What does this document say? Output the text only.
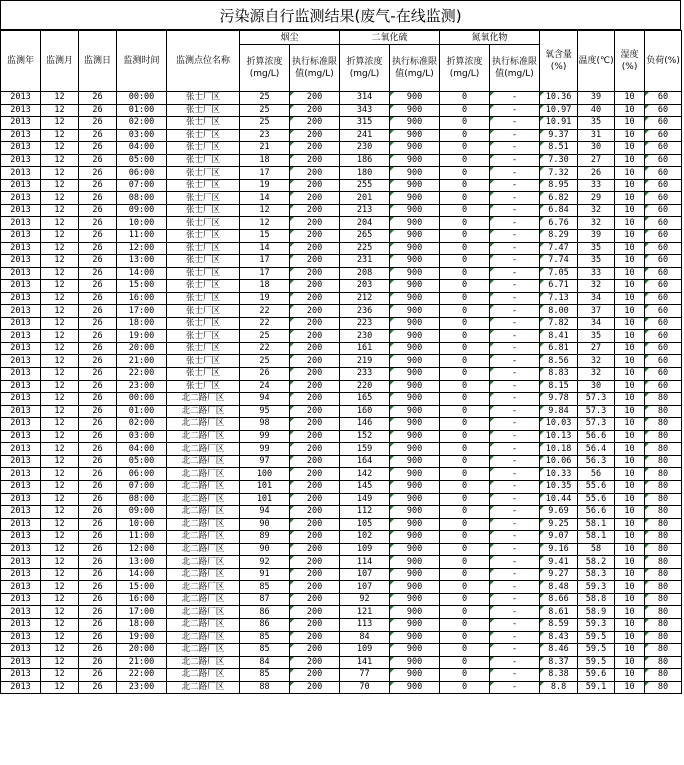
污染源自行监测结果(废气-在线监测)
监测年	监测月	监测日	监测时间	监测点位名称	烟尘		二氧化硫		氮氧化物		氧含量(%)	温度(℃)	湿度(%)	负荷(%)
					折算浓度(mg/L)	执行标准限值(mg/L)	折算浓度(mg/L)	执行标准限值(mg/L)	折算浓度(mg/L)	执行标准限值(mg/L)				
2013	12	26	00:00	张士厂区	25	200	314	900	0	-	10.36	39	10	60
2013	12	26	01:00	张士厂区	25	200	343	900	0	-	10.97	40	10	60
2013	12	26	02:00	张士厂区	25	200	315	900	0	-	10.91	35	10	60
2013	12	26	03:00	张士厂区	23	200	241	900	0	-	9.37	31	10	60
2013	12	26	04:00	张士厂区	21	200	230	900	0	-	8.51	30	10	60
2013	12	26	05:00	张士厂区	18	200	186	900	0	-	7.30	27	10	60
2013	12	26	06:00	张士厂区	17	200	180	900	0	-	7.32	26	10	60
2013	12	26	07:00	张士厂区	19	200	255	900	0	-	8.95	33	10	60
2013	12	26	08:00	张士厂区	14	200	201	900	0	-	6.82	29	10	60
2013	12	26	09:00	张士厂区	12	200	213	900	0	-	6.84	32	10	60
2013	12	26	10:00	张士厂区	12	200	204	900	0	-	6.76	32	10	60
2013	12	26	11:00	张士厂区	15	200	265	900	0	-	8.29	39	10	60
2013	12	26	12:00	张士厂区	14	200	225	900	0	-	7.47	35	10	60
2013	12	26	13:00	张士厂区	17	200	231	900	0	-	7.74	35	10	60
2013	12	26	14:00	张士厂区	17	200	208	900	0	-	7.05	33	10	60
2013	12	26	15:00	张士厂区	18	200	203	900	0	-	6.71	32	10	60
2013	12	26	16:00	张士厂区	19	200	212	900	0	-	7.13	34	10	60
2013	12	26	17:00	张士厂区	22	200	236	900	0	-	8.00	37	10	60
2013	12	26	18:00	张士厂区	22	200	223	900	0	-	7.82	34	10	60
2013	12	26	19:00	张士厂区	25	200	230	900	0	-	8.41	35	10	60
2013	12	26	20:00	张士厂区	22	200	161	900	0	-	6.81	27	10	60
2013	12	26	21:00	张士厂区	25	200	219	900	0	-	8.56	32	10	60
2013	12	26	22:00	张士厂区	26	200	233	900	0	-	8.83	32	10	60
2013	12	26	23:00	张士厂区	24	200	220	900	0	-	8.15	30	10	60
2013	12	26	00:00	北二路厂区	94	200	165	900	0	-	9.78	57.3	10	80
2013	12	26	01:00	北二路厂区	95	200	160	900	0	-	9.84	57.3	10	80
2013	12	26	02:00	北二路厂区	98	200	146	900	0	-	10.03	57.3	10	80
2013	12	26	03:00	北二路厂区	99	200	152	900	0	-	10.13	56.6	10	80
2013	12	26	04:00	北二路厂区	99	200	159	900	0	-	10.18	56.4	10	80
2013	12	26	05:00	北二路厂区	97	200	164	900	0	-	10.06	56.3	10	80
2013	12	26	06:00	北二路厂区	100	200	142	900	0	-	10.33	56	10	80
2013	12	26	07:00	北二路厂区	101	200	145	900	0	-	10.35	55.6	10	80
2013	12	26	08:00	北二路厂区	101	200	149	900	0	-	10.44	55.6	10	80
2013	12	26	09:00	北二路厂区	94	200	112	900	0	-	9.69	56.6	10	80
2013	12	26	10:00	北二路厂区	90	200	105	900	0	-	9.25	58.1	10	80
2013	12	26	11:00	北二路厂区	89	200	102	900	0	-	9.07	58.1	10	80
2013	12	26	12:00	北二路厂区	90	200	109	900	0	-	9.16	58	10	80
2013	12	26	13:00	北二路厂区	92	200	114	900	0	-	9.41	58.2	10	80
2013	12	26	14:00	北二路厂区	91	200	107	900	0	-	9.27	58.3	10	80
2013	12	26	15:00	北二路厂区	85	200	107	900	0	-	8.48	59.3	10	80
2013	12	26	16:00	北二路厂区	87	200	92	900	0	-	8.66	58.8	10	80
2013	12	26	17:00	北二路厂区	86	200	121	900	0	-	8.61	58.9	10	80
2013	12	26	18:00	北二路厂区	86	200	113	900	0	-	8.59	59.3	10	80
2013	12	26	19:00	北二路厂区	85	200	84	900	0	-	8.43	59.5	10	80
2013	12	26	20:00	北二路厂区	85	200	109	900	0	-	8.46	59.5	10	80
2013	12	26	21:00	北二路厂区	84	200	141	900	0	-	8.37	59.5	10	80
2013	12	26	22:00	北二路厂区	85	200	77	900	0	-	8.38	59.6	10	80
2013	12	26	23:00	北二路厂区	88	200	70	900	0	-	8.8	59.1	10	80
